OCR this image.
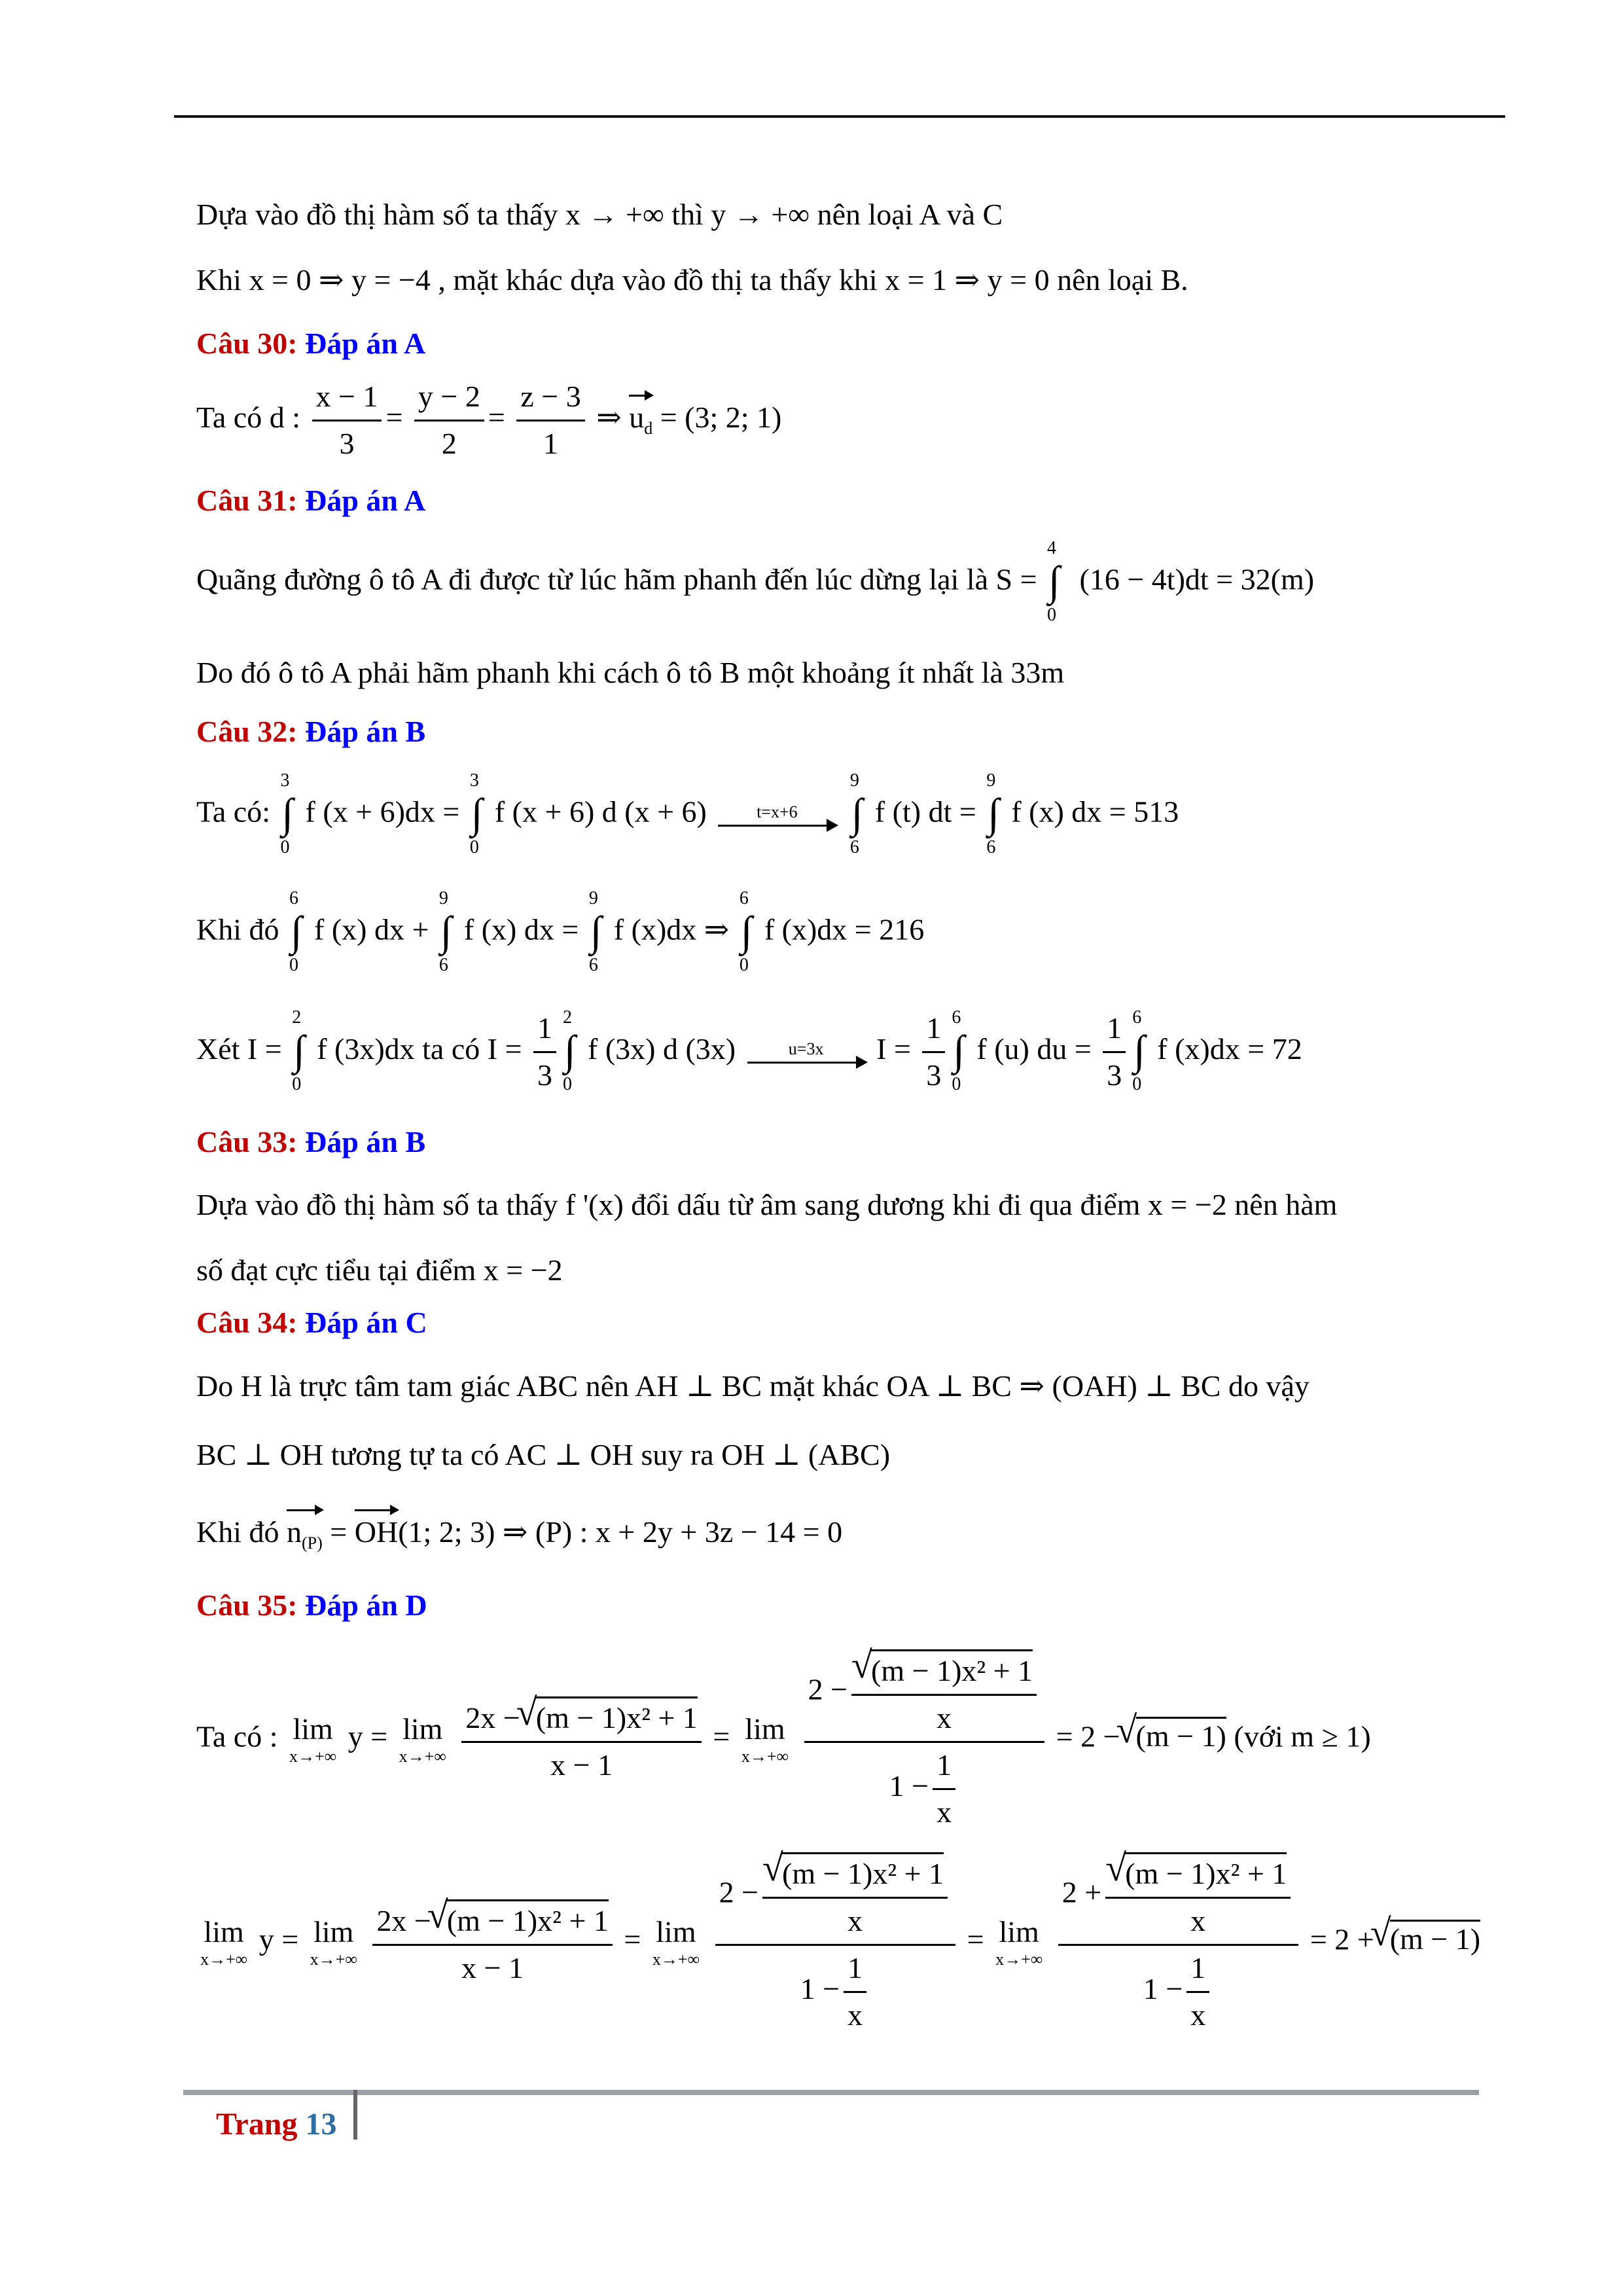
Dựa vào đồ thị hàm số ta thấy x → +∞ thì y → +∞ nên loại A và C
Khi x = 0 ⇒ y = −4 , mặt khác dựa vào đồ thị ta thấy khi x = 1 ⇒ y = 0 nên loại B.
Câu 30: Đáp án A
Ta có d : $\frac{x - 1}{3} = \frac{y - 2}{2} = \frac{z - 3}{1}$ ⇒ $u_d = (3$; 2; 1)
Câu 31: Đáp án A
Quãng đường ô tô A đi được từ lúc hãm phanh đến lúc dừng lại là S =
4
∫
0
(16 − 4t)dt = 32(m)
Do đó ô tô A phải hãm phanh khi cách ô tô B một khoảng ít nhất là 33m
Câu 32: Đáp án B
Ta có:
3
∫
0
f (x + 6)dx =
3
∫
0
f (x + 6) d (x + 6)	t=x+6

9
∫
6
f (t) dt =
9
∫
6
f (x) dx = 513
Khi đó
6
∫
0
f (x) dx +
9
∫
6
f (x) dx =
9
∫
6
f (x)dx ⇒
6
∫
0
f (x)dx = 216
Xét I =
2
∫
0
f (3x)dx ta có $I = \frac{1}{3} 2$
∫
0
f (3x) d (3x)	u=3x	$I = \frac{1}{3} 6$
∫
0
f (u) du = $\frac{1}{3} 6$
∫
0
f (x)dx = 72
Câu 33: Đáp án B
Dựa vào đồ thị hàm số ta thấy f '(x) đổi dấu từ âm sang dương khi đi qua điểm x = −2 nên hàm
số đạt cực tiểu tại điểm x = −2
Câu 34: Đáp án C
Do H là trực tâm tam giác ABC nên AH ⊥ BC mặt khác OA ⊥ BC ⇒ (OAH) ⊥ BC do vậy
BC ⊥ OH tương tự ta có AC ⊥ OH suy ra OH ⊥ (ABC)
Khi đó $n_{(P)} = OH(1$; 2; 3) ⇒ (P) : x + 2y + 3z − 14 = 0
Câu 35: Đáp án D
Ta có : lim
x→+∞
y = lim
x→+∞
$\frac{\text{2x − √ (m − 1)x² + 1}}{x - 1} = \lim$
x→+∞
$\frac{2 - √ \frac{\text{(m − 1)x² + 1}}{x}}{1 - \frac{1}{x}} = 2$ − √ (m − 1) (với m ≥ 1)
lim
x→+∞
y = lim
x→+∞
$\frac{\text{2x − √ (m − 1)x² + 1}}{x - 1} = \lim$
x→+∞
$\frac{2 - √ \frac{\text{(m − 1)x² + 1}}{x}}{1 - \frac{1}{x}} = \lim$
x→+∞
$\frac{2 + √ \frac{\text{(m − 1)x² + 1}}{x}}{1 - \frac{1}{x}} = 2$ + √ (m − 1)
Trang 13
